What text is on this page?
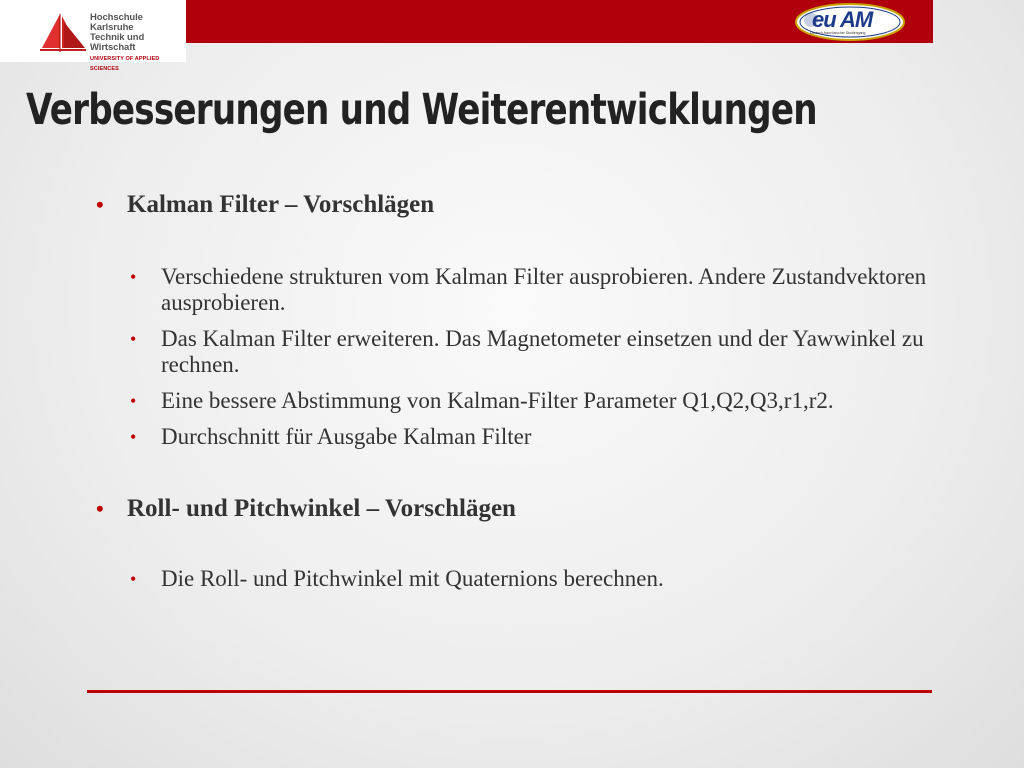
Hochschule Karlsruhe
Technik und Wirtschaft
UNIVERSITY OF APPLIED SCIENCES
eu AM
Deutsch-französischer Studiengang
Verbesserungen und Weiterentwicklungen
• Kalman Filter – Vorschlägen
• Verschiedene strukturen vom Kalman Filter ausprobieren. Andere Zustandvektoren ausprobieren.
• Das Kalman Filter erweiteren. Das Magnetometer einsetzen und der Yawwinkel zu rechnen.
• Eine bessere Abstimmung von Kalman-Filter Parameter Q1,Q2,Q3,r1,r2.
• Durchschnitt für Ausgabe Kalman Filter
• Roll- und Pitchwinkel – Vorschlägen
• Die Roll- und Pitchwinkel mit Quaternions berechnen.
